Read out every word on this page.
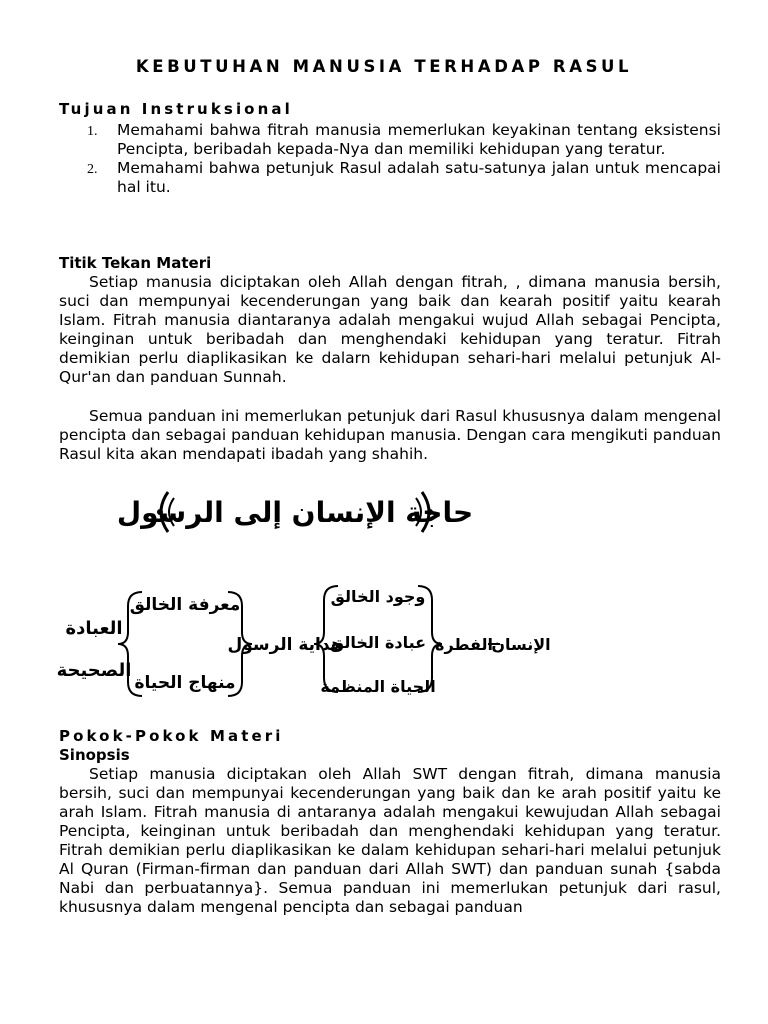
KEBUTUHAN MANUSIA TERHADAP RASUL
Tujuan Instruksional
1. Memahami bahwa fitrah manusia memerlukan keyakinan tentang eksistensi Pencipta, beribadah kepada-Nya dan memiliki kehidupan yang teratur.
2. Memahami bahwa petunjuk Rasul adalah satu-satunya jalan untuk mencapai hal itu.
Titik Tekan Materi
Setiap manusia diciptakan oleh Allah dengan fitrah, , dimana manusia bersih, suci dan mempunyai kecenderungan yang baik dan kearah positif yaitu kearah Islam. Fitrah manusia diantaranya adalah mengakui wujud Allah sebagai Pencipta, keinginan untuk beribadah dan menghendaki kehidupan yang teratur. Fitrah demikian perlu diaplikasikan ke dalarn kehidupan sehari-hari melalui petunjuk Al-Qur'an dan panduan Sunnah.
Semua panduan ini memerlukan petunjuk dari Rasul khususnya dalam mengenal pencipta dan sebagai panduan kehidupan manusia. Dengan cara mengikuti panduan Rasul kita akan mendapati ibadah yang shahih.
حاجة الإنسان إلى الرسول
العبادة
الصحيحة
معرفة الخالق
منهاج الحياة
هداية الرسول
وجود الخالق
عبادة الخالق
الحياة المنظمة
الفطرة
الإنسان
Pokok-Pokok Materi
Sinopsis
Setiap manusia diciptakan oleh Allah SWT dengan fitrah, dimana manusia bersih, suci dan mempunyai kecenderungan yang baik dan ke arah positif yaitu ke arah Islam. Fitrah manusia di antaranya adalah mengakui kewujudan Allah sebagai Pencipta, keinginan untuk beribadah dan menghendaki kehidupan yang teratur. Fitrah demikian perlu diaplikasikan ke dalam kehidupan sehari-hari melalui petunjuk Al Quran (Firman-firman dan panduan dari Allah SWT) dan panduan sunah {sabda Nabi dan perbuatannya}. Semua panduan ini memerlukan petunjuk dari rasul, khususnya dalam mengenal pencipta dan sebagai panduan
